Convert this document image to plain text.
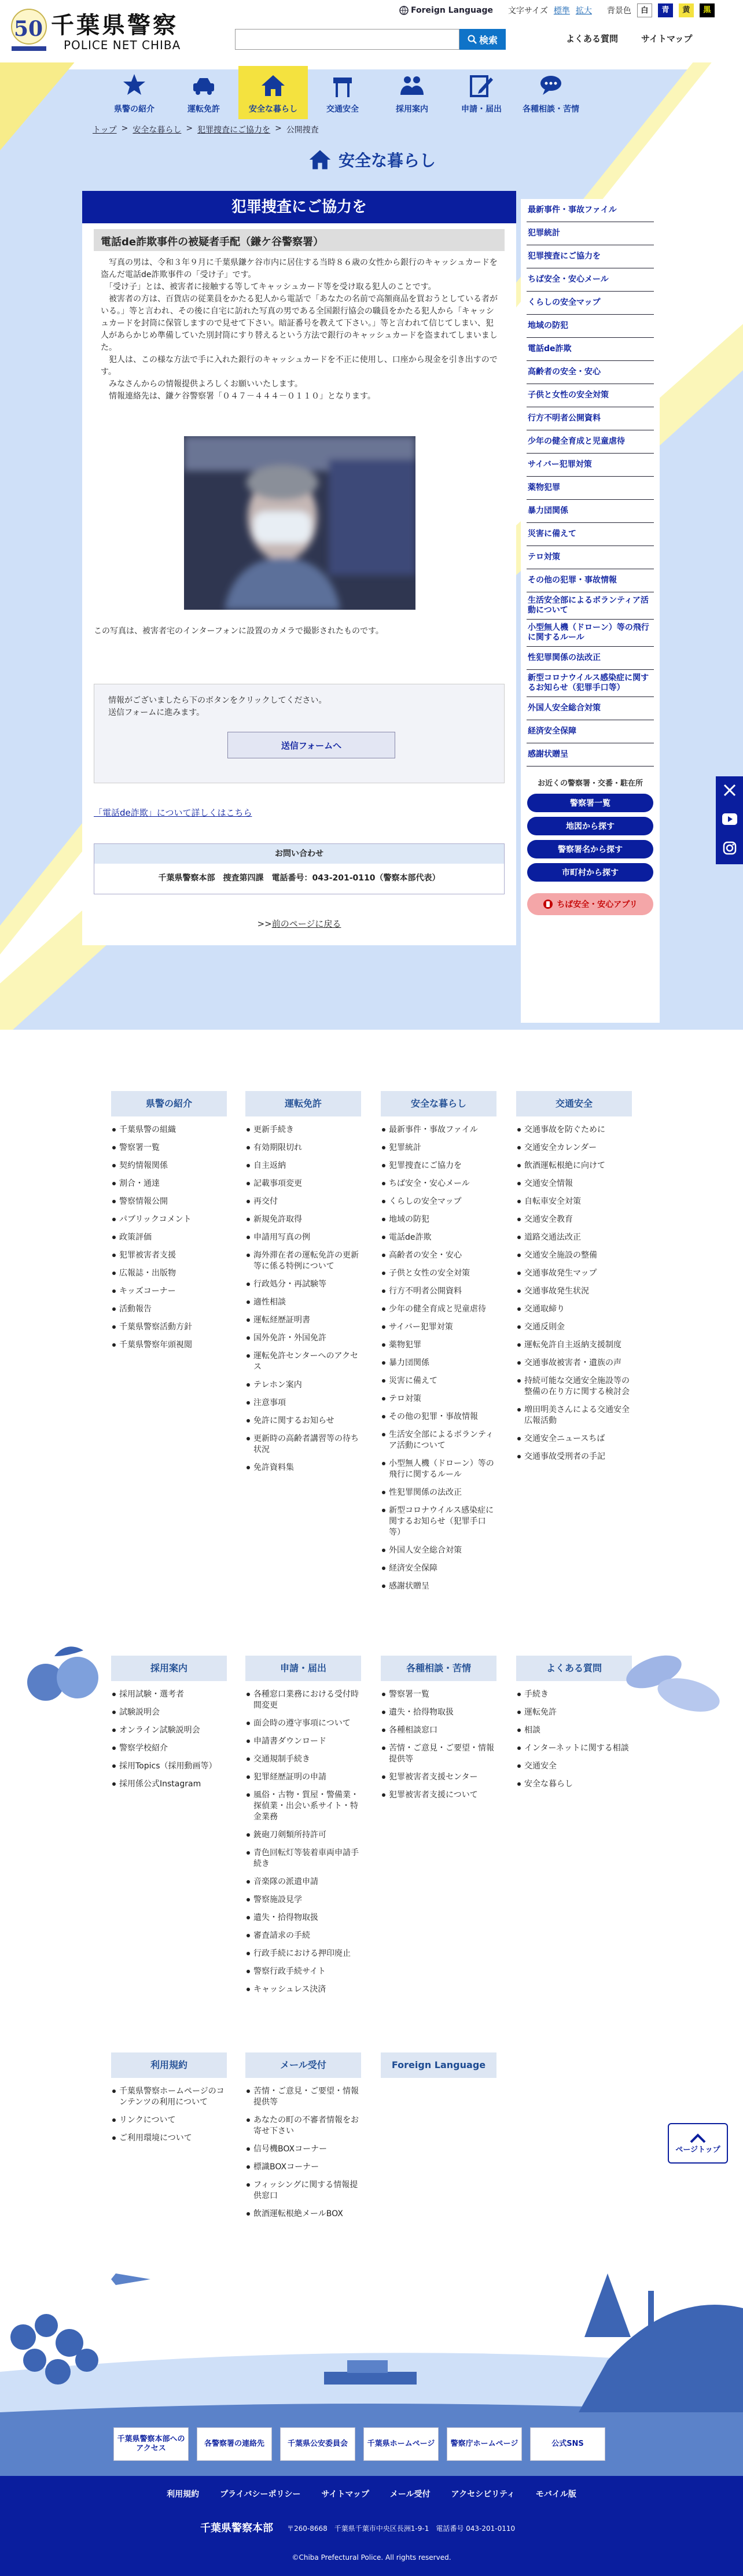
50 千葉県警察
POLICE NET CHIBA
Foreign Language 文字サイズ 標準 拡大 背景色	白	青	黄	黒
検索	よくある質問	サイトマップ
県警の紹介	運転免許	安全な暮らし	交通安全	採用案内	申請・届出	各種相談・苦情
トップ > 安全な暮らし > 犯罪捜査にご協力を > 公開捜査
安全な暮らし
犯罪捜査にご協力を
電話de詐欺事件の被疑者手配（鎌ケ谷警察署）
　写真の男は、令和３年９月に千葉県鎌ケ谷市内に居住する当時８６歳の女性から銀行のキャッシュカードを盗んだ電話de詐欺事件の「受け子」です。
　「受け子」とは、被害者に接触する等してキャッシュカード等を受け取る犯人のことです。
　被害者の方は、百貨店の従業員をかたる犯人から電話で「あなたの名前で高額商品を買おうとしている者がいる。」等と言われ、その後に自宅に訪れた写真の男である全国銀行協会の職員をかたる犯人から「キャッシュカードを封筒に保管しますので見せて下さい。暗証番号を教えて下さい。」等と言われて信じてしまい、犯人があらかじめ準備していた別封筒にすり替えるという方法で銀行のキャッシュカードを盗まれてしまいました。
　犯人は、この様な方法で手に入れた銀行のキャッシュカードを不正に使用し、口座から現金を引き出すのです。
　みなさんからの情報提供よろしくお願いいたします。
　情報連絡先は、鎌ケ谷警察署「０４７－４４４－０１１０」となります。
この写真は、被害者宅のインターフォンに設置のカメラで撮影されたものです。

情報がございましたら下のボタンをクリックしてください。
送信フォームに進みます。

送信フォームへ
「電話de詐欺」について詳しくはこちら
お問い合わせ
千葉県警察本部　捜査第四課　電話番号：043-201-0110（警察本部代表）
>>前のページに戻る
最新事件・事故ファイル
犯罪統計
犯罪捜査にご協力を
ちば安全・安心メール
くらしの安全マップ
地域の防犯
電話de詐欺
高齢者の安全・安心
子供と女性の安全対策
行方不明者公開資料
少年の健全育成と児童虐待
サイバー犯罪対策
薬物犯罪
暴力団関係
災害に備えて
テロ対策
その他の犯罪・事故情報
生活安全部によるボランティア活動について
小型無人機（ドローン）等の飛行に関するルール
性犯罪関係の法改正
新型コロナウイルス感染症に関するお知らせ（犯罪手口等）
外国人安全総合対策
経済安全保障
感謝状贈呈
お近くの警察署・交番・駐在所
警察署一覧
地図から探す
警察署名から探す
市町村から探す
ちば安全・安心アプリ
県警の紹介
千葉県警の組織
警察署一覧
契約情報関係
割合・通達
警察情報公開
パブリックコメント
政策評価
犯罪被害者支援
広報誌・出版物
キッズコーナー
活動報告
千葉県警察活動方針
千葉県警察年頭視閲
運転免許
更新手続き
有効期限切れ
自主返納
記載事項変更
再交付
新規免許取得
申請用写真の例
海外滞在者の運転免許の更新等に係る特例について
行政処分・再試験等
適性相談
運転経歴証明書
国外免許・外国免許
運転免許センターへのアクセス
テレホン案内
注意事項
免許に関するお知らせ
更新時の高齢者講習等の待ち状況
免許資料集
安全な暮らし
最新事件・事故ファイル
犯罪統計
犯罪捜査にご協力を
ちば安全・安心メール
くらしの安全マップ
地域の防犯
電話de詐欺
高齢者の安全・安心
子供と女性の安全対策
行方不明者公開資料
少年の健全育成と児童虐待
サイバー犯罪対策
薬物犯罪
暴力団関係
災害に備えて
テロ対策
その他の犯罪・事故情報
生活安全部によるボランティア活動について
小型無人機（ドローン）等の飛行に関するルール
性犯罪関係の法改正
新型コロナウイルス感染症に関するお知らせ（犯罪手口等）
外国人安全総合対策
経済安全保障
感謝状贈呈
交通安全
交通事故を防ぐために
交通安全カレンダー
飲酒運転根絶に向けて
交通安全情報
自転車安全対策
交通安全教育
道路交通法改正
交通安全施設の整備
交通事故発生マップ
交通事故発生状況
交通取締り
交通反則金
運転免許自主返納支援制度
交通事故被害者・遺族の声
持続可能な交通安全施設等の整備の在り方に関する検討会
増田明美さんによる交通安全広報活動
交通安全ニュースちば
交通事故受刑者の手記
採用案内
採用試験・選考者
試験説明会
オンライン試験説明会
警察学校紹介
採用Topics（採用動画等）
採用係公式Instagram
申請・届出
各種窓口業務における受付時間変更
面会時の遵守事項について
申請書ダウンロード
交通規制手続き
犯罪経歴証明の申請
風俗・古物・質屋・警備業・探偵業・出会い系サイト・特金業務
銃砲刀剣類所持許可
青色回転灯等装着車両申請手続き
音楽隊の派遣申請
警察施設見学
遺失・拾得物取扱
審査請求の手続
行政手続における押印廃止
警察行政手続サイト
キャッシュレス決済
各種相談・苦情
警察署一覧
遺失・拾得物取扱
各種相談窓口
苦情・ご意見・ご要望・情報提供等
犯罪被害者支援センター
犯罪被害者支援について
よくある質問
手続き
運転免許
相談
インターネットに関する相談
交通安全
安全な暮らし
利用規約
千葉県警察ホームページのコンテンツの利用について
リンクについて
ご利用環境について
メール受付
苦情・ご意見・ご要望・情報提供等
あなたの町の不審者情報をお寄せ下さい
信号機BOXコーナー
標識BOXコーナー
フィッシングに関する情報提供窓口
飲酒運転根絶メールBOX
Foreign Language
ページトップ
千葉県警察本部へのアクセス
各警察署の連絡先	千葉県公安委員会	千葉県ホームページ	警察庁ホームページ	公式SNS
利用規約	プライバシーポリシー	サイトマップ	メール受付	アクセシビリティ	モバイル版
千葉県警察本部 〒260-8668　千葉県千葉市中央区長洲1-9-1　電話番号 043-201-0110
©Chiba Prefectural Police. All rights reserved.
